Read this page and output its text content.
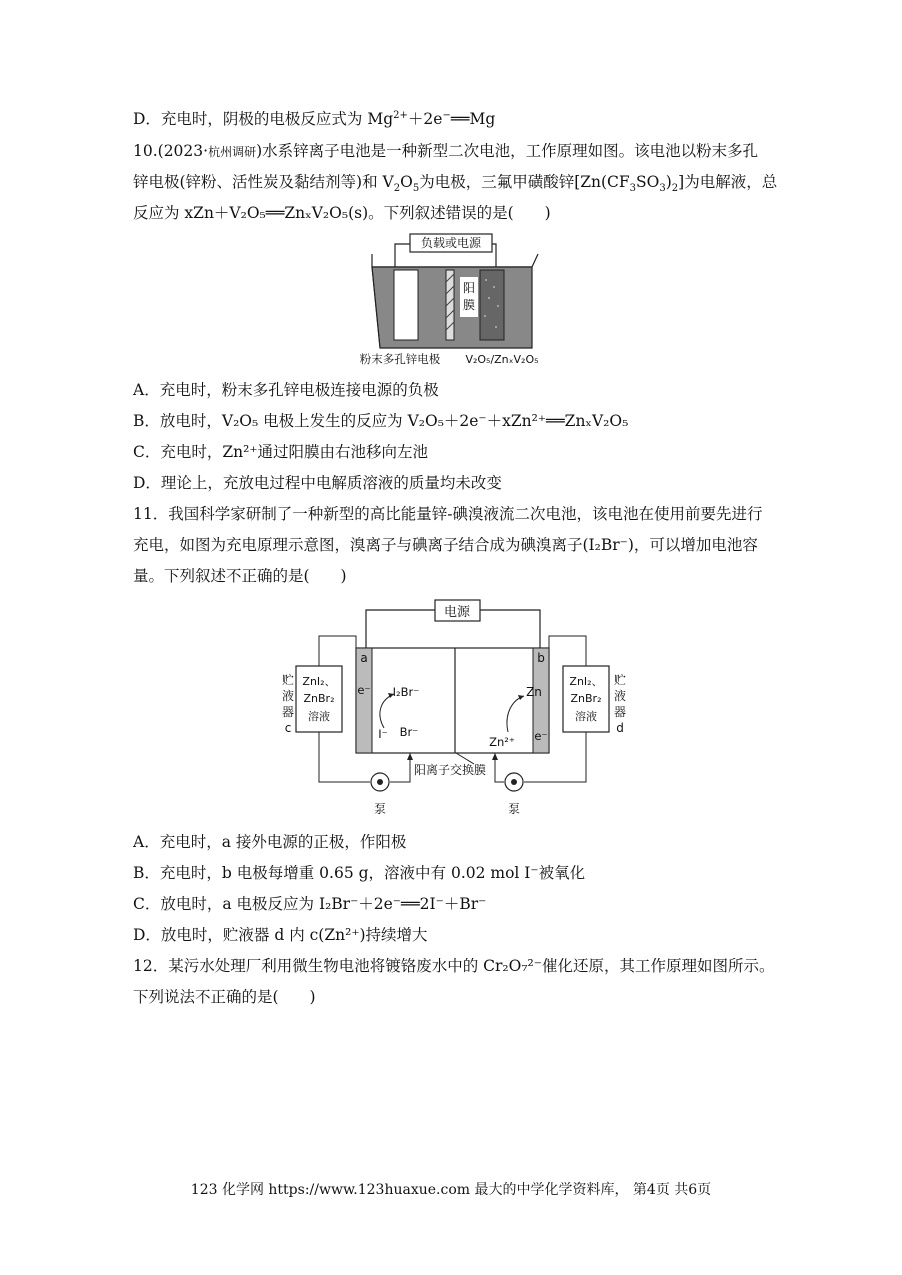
D．充电时，阴极的电极反应式为 $Mg^{2+}+2e^-══Mg$
10.(2023·杭州调研)水系锌离子电池是一种新型二次电池，工作原理如图。该电池以粉末多孔
锌电极(锌粉、活性炭及黏结剂等)和 $V_2O_5$为电极，三氟甲磺酸锌$[Zn(CF_3SO_3)_2]$为电解液，总
反应为 xZn＋V₂O₅══ZnₓV₂O₅(s)。下列叙述错误的是(　　)
负载或电源
阳
膜
粉末多孔锌电极 V₂O₅/ZnₓV₂O₅
A．充电时，粉末多孔锌电极连接电源的负极
B．放电时，V₂O₅ 电极上发生的反应为 V₂O₅＋2e⁻＋xZn²⁺══ZnₓV₂O₅
C．充电时，Zn²⁺通过阳膜由右池移向左池
D．理论上，充放电过程中电解质溶液的质量均未改变
11．我国科学家研制了一种新型的高比能量锌-碘溴液流二次电池，该电池在使用前要先进行
充电，如图为充电原理示意图，溴离子与碘离子结合成为碘溴离子(I₂Br⁻)，可以增加电池容
量。下列叙述不正确的是(　　)
电源
a	b
e⁻ I₂Br⁻
I⁻ Br⁻
Zn
Zn²⁺ e⁻
阳离子交换膜
ZnI₂、
ZnBr₂
溶液
贮
液
器
c
ZnI₂、
ZnBr₂
溶液
贮
液
器
d
泵	泵
A．充电时，a 接外电源的正极，作阳极
B．充电时，b 电极每增重 0.65 g，溶液中有 0.02 mol I⁻被氧化
C．放电时，a 电极反应为 I₂Br⁻＋2e⁻══2I⁻＋Br⁻
D．放电时，贮液器 d 内 c(Zn²⁺)持续增大
12．某污水处理厂利用微生物电池将镀铬废水中的 Cr₂O₇²⁻催化还原，其工作原理如图所示。
下列说法不正确的是(　　)
123 化学网 https://www.123huaxue.com 最大的中学化学资料库， 第4页 共6页
